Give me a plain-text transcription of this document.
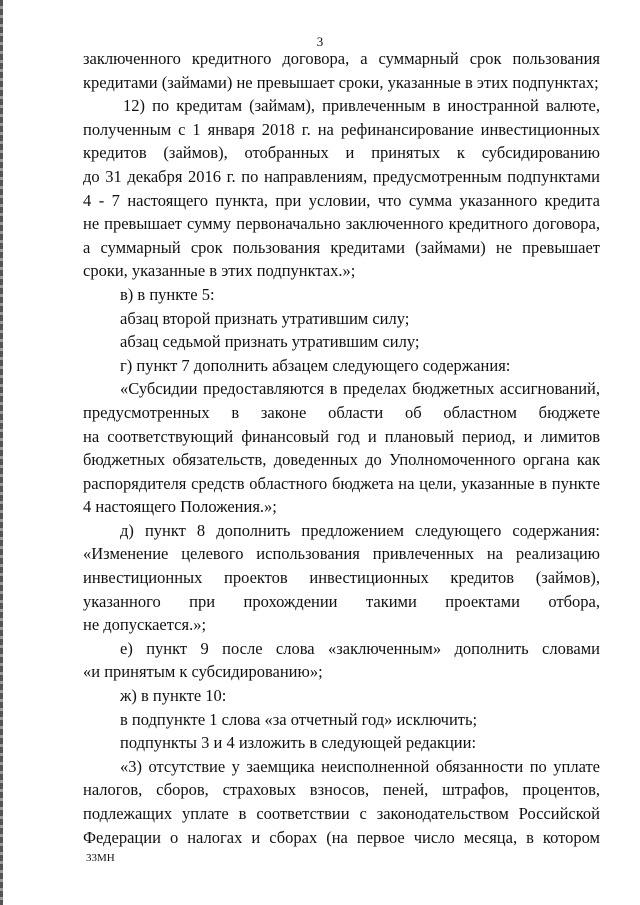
3
заключенного кредитного договора, а суммарный срок пользования
кредитами (займами) не превышает сроки, указанные в этих подпунктах;
12) по кредитам (займам), привлеченным в иностранной валюте,
полученным с 1 января 2018 г. на рефинансирование инвестиционных
кредитов (займов), отобранных и принятых к субсидированию
до 31 декабря 2016 г. по направлениям, предусмотренным подпунктами
4 - 7 настоящего пункта, при условии, что сумма указанного кредита
не превышает сумму первоначально заключенного кредитного договора,
а суммарный срок пользования кредитами (займами) не превышает
сроки, указанные в этих подпунктах.»;
в) в пункте 5:
абзац второй признать утратившим силу;
абзац седьмой признать утратившим силу;
г) пункт 7 дополнить абзацем следующего содержания:
«Субсидии предоставляются в пределах бюджетных ассигнований,
предусмотренных в законе области об областном бюджете
на соответствующий финансовый год и плановый период, и лимитов
бюджетных обязательств, доведенных до Уполномоченного органа как
распорядителя средств областного бюджета на цели, указанные в пункте
4 настоящего Положения.»;
д) пункт 8 дополнить предложением следующего содержания:
«Изменение целевого использования привлеченных на реализацию
инвестиционных проектов инвестиционных кредитов (займов),
указанного при прохождении такими проектами отбора,
не допускается.»;
е) пункт 9 после слова «заключенным» дополнить словами
«и принятым к субсидированию»;
ж) в пункте 10:
в подпункте 1 слова «за отчетный год» исключить;
подпункты 3 и 4 изложить в следующей редакции:
«3) отсутствие у заемщика неисполненной обязанности по уплате
налогов, сборов, страховых взносов, пеней, штрафов, процентов,
подлежащих уплате в соответствии с законодательством Российской
Федерации о налогах и сборах (на первое число месяца, в котором
33МН
